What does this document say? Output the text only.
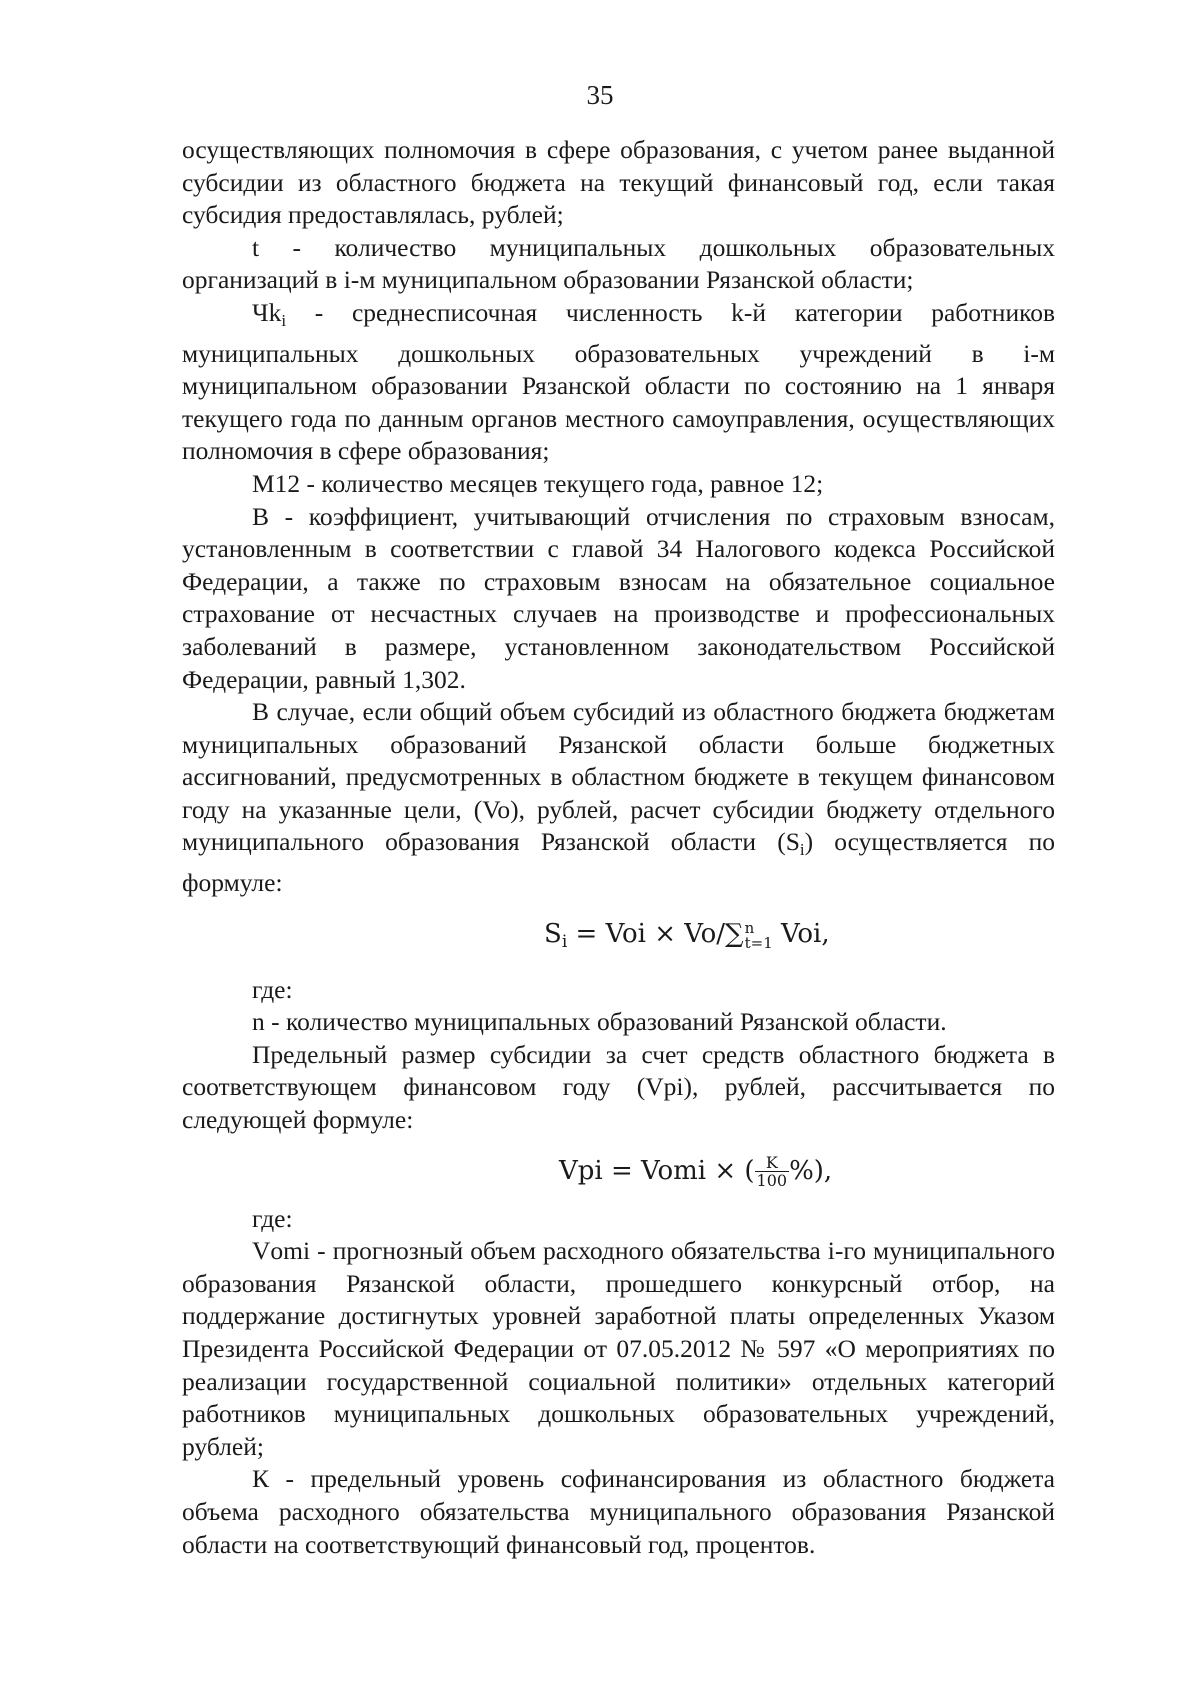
35

осуществляющих полномочия в сфере образования, с учетом ранее выданной субсидии из областного бюджета на текущий финансовый год, если такая субсидия предоставлялась, рублей;

t - количество муниципальных дошкольных образовательных организаций в i-м муниципальном образовании Рязанской области;

$Чk_i$ - среднесписочная численность k-й категории работников муниципальных дошкольных образовательных учреждений в i-м муниципальном образовании Рязанской области по состоянию на 1 января текущего года по данным органов местного самоуправления, осуществляющих полномочия в сфере образования;

М12 - количество месяцев текущего года, равное 12;

В - коэффициент, учитывающий отчисления по страховым взносам, установленным в соответствии с главой 34 Налогового кодекса Российской Федерации, а также по страховым взносам на обязательное социальное страхование от несчастных случаев на производстве и профессиональных заболеваний в размере, установленном законодательством Российской Федерации, равный 1,302.

В случае, если общий объем субсидий из областного бюджета бюджетам муниципальных образований Рязанской области больше бюджетных ассигнований, предусмотренных в областном бюджете в текущем финансовом году на указанные цели, (Vo), рублей, расчет субсидии бюджету отдельного муниципального образования Рязанской области $(S_i)$ осуществляется по формуле:

$S_i$ = Voi × Vo/∑ n
t=1 Voi,

где:

n - количество муниципальных образований Рязанской области.

Предельный размер субсидии за счет средств областного бюджета в соответствующем финансовом году (Vpi), рублей, рассчитывается по следующей формуле:

Vpi = Vomi × ( $\frac{K}{100}$ %),

где:

Vоmi - прогнозный объем расходного обязательства i-го муниципального образования Рязанской области, прошедшего конкурсный отбор, на поддержание достигнутых уровней заработной платы определенных Указом Президента Российской Федерации от 07.05.2012 № 597 «О мероприятиях по реализации государственной социальной политики» отдельных категорий работников муниципальных дошкольных образовательных учреждений, рублей;

К - предельный уровень софинансирования из областного бюджета объема расходного обязательства муниципального образования Рязанской области на соответствующий финансовый год, процентов.
